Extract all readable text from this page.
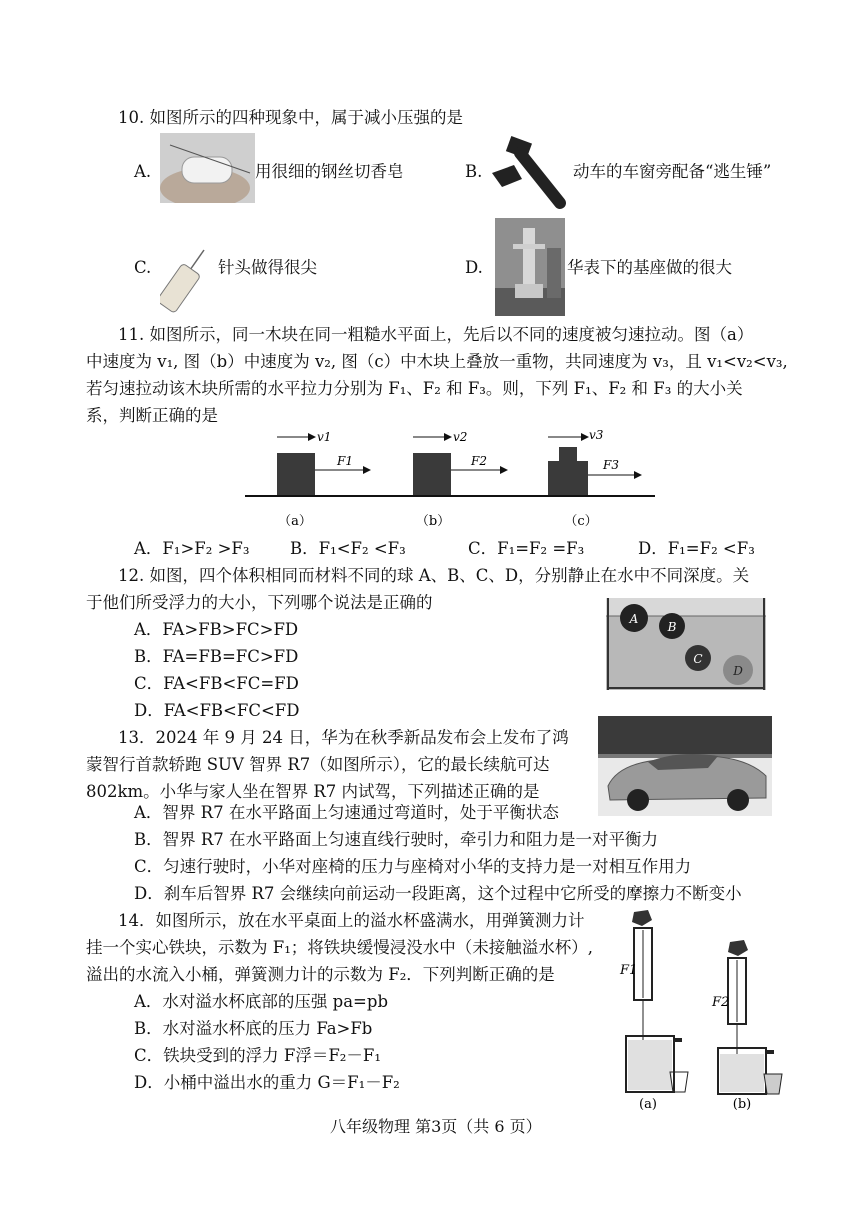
10. 如图所示的四种现象中，属于减小压强的是
A.	用很细的钢丝切香皂	B.	动车的车窗旁配备“逃生锤”
C.	针头做得很尖	D.	华表下的基座做的很大
11. 如图所示，同一木块在同一粗糙水平面上，先后以不同的速度被匀速拉动。图（a）
中速度为 v₁, 图（b）中速度为 v₂, 图（c）中木块上叠放一重物，共同速度为 v₃，且 v₁<v₂<v₃,
若匀速拉动该木块所需的水平拉力分别为 F₁、F₂ 和 F₃。则，下列 F₁、F₂ 和 F₃ 的大小关
系，判断正确的是
v1
F1
（a）
v2
F2
（b）
v3
F3
（c）
A．F₁>F₂ >F₃ B．F₁<F₂ <F₃	C．F₁=F₂ =F₃	D．F₁=F₂ <F₃
12. 如图，四个体积相同而材料不同的球 A、B、C、D，分别静止在水中不同深度。关
于他们所受浮力的大小，下列哪个说法是正确的
A．FA>FB>FC>FD
B．FA=FB=FC>FD
C．FA<FB<FC=FD
D．FA<FB<FC<FD
A
B
C
D
13．2024 年 9 月 24 日，华为在秋季新品发布会上发布了鸿
蒙智行首款轿跑 SUV 智界 R7（如图所示），它的最长续航可达
802km。小华与家人坐在智界 R7 内试驾，下列描述正确的是
A．智界 R7 在水平路面上匀速通过弯道时，处于平衡状态
B．智界 R7 在水平路面上匀速直线行驶时，牵引力和阻力是一对平衡力
C．匀速行驶时，小华对座椅的压力与座椅对小华的支持力是一对相互作用力
D．刹车后智界 R7 会继续向前运动一段距离，这个过程中它所受的摩擦力不断变小
14．如图所示，放在水平桌面上的溢水杯盛满水，用弹簧测力计
挂一个实心铁块，示数为 F₁；将铁块缓慢浸没水中（未接触溢水杯）,
溢出的水流入小桶，弹簧测力计的示数为 F₂．下列判断正确的是
A．水对溢水杯底部的压强 pa=pb
B．水对溢水杯底的压力 Fa>Fb
C．铁块受到的浮力 F浮＝F₂－F₁
D．小桶中溢出水的重力 G＝F₁－F₂
F1
(a)
F2
(b)
八年级物理 第3页（共 6 页）
